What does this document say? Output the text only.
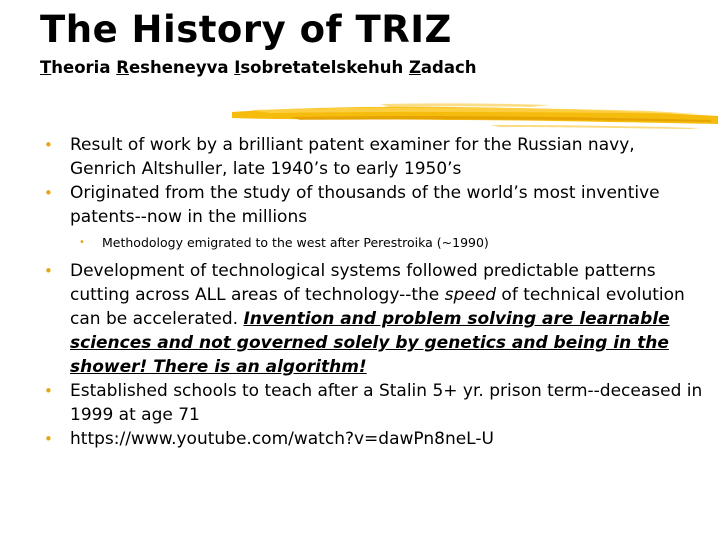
The History of TRIZ
Theoria Resheneyva Isobretatelskehuh Zadach
• Result of work by a brilliant patent examiner for the Russian navy, Genrich Altshuller, late 1940’s to early 1950’s
• Originated from the study of thousands of the world’s most inventive patents--now in the millions
• Methodology emigrated to the west after Perestroika (~1990)
• Development of technological systems followed predictable patterns cutting across ALL areas of technology--the speed of technical evolution can be accelerated. Invention and problem solving are learnable sciences and not governed solely by genetics and being in the shower! There is an algorithm!
• Established schools to teach after a Stalin 5+ yr. prison term--deceased in 1999 at age 71
• https://www.youtube.com/watch?v=dawPn8neL-U
